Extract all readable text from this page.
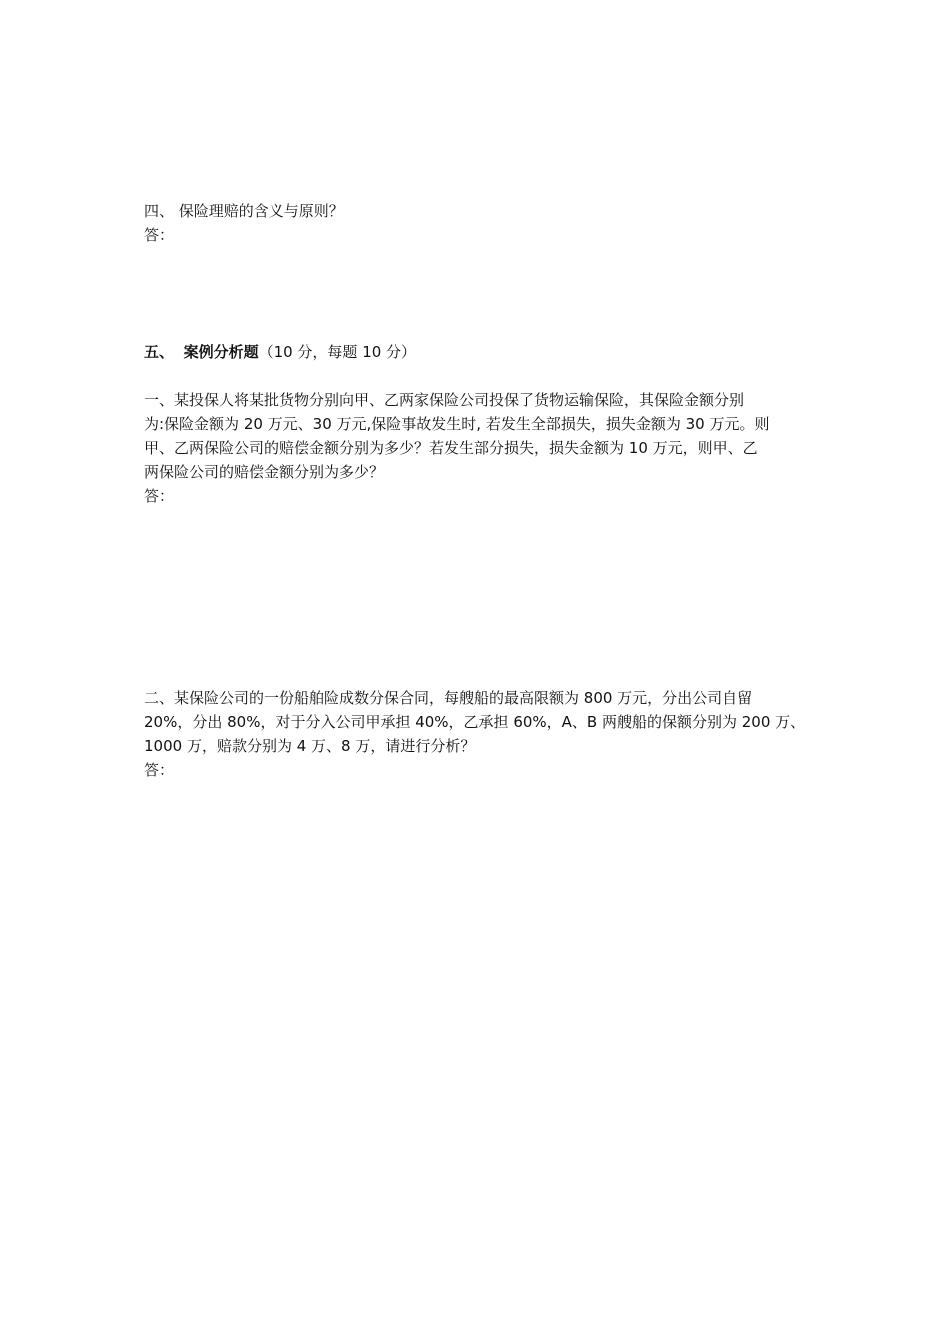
四、 保险理赔的含义与原则？
答：
五、 案例分析题（10 分，每题 10 分）
一、某投保人将某批货物分别向甲、乙两家保险公司投保了货物运输保险，其保险金额分别
为:保险金额为 20 万元、30 万元,保险事故发生时, 若发生全部损失，损失金额为 30 万元。则
甲、乙两保险公司的赔偿金额分别为多少？若发生部分损失，损失金额为 10 万元，则甲、乙
两保险公司的赔偿金额分别为多少？
答：
二、某保险公司的一份船舶险成数分保合同，每艘船的最高限额为 800 万元，分出公司自留
20%，分出 80%，对于分入公司甲承担 40%，乙承担 60%，A、B 两艘船的保额分别为 200 万、
1000 万，赔款分别为 4 万、8 万，请进行分析？
答：
